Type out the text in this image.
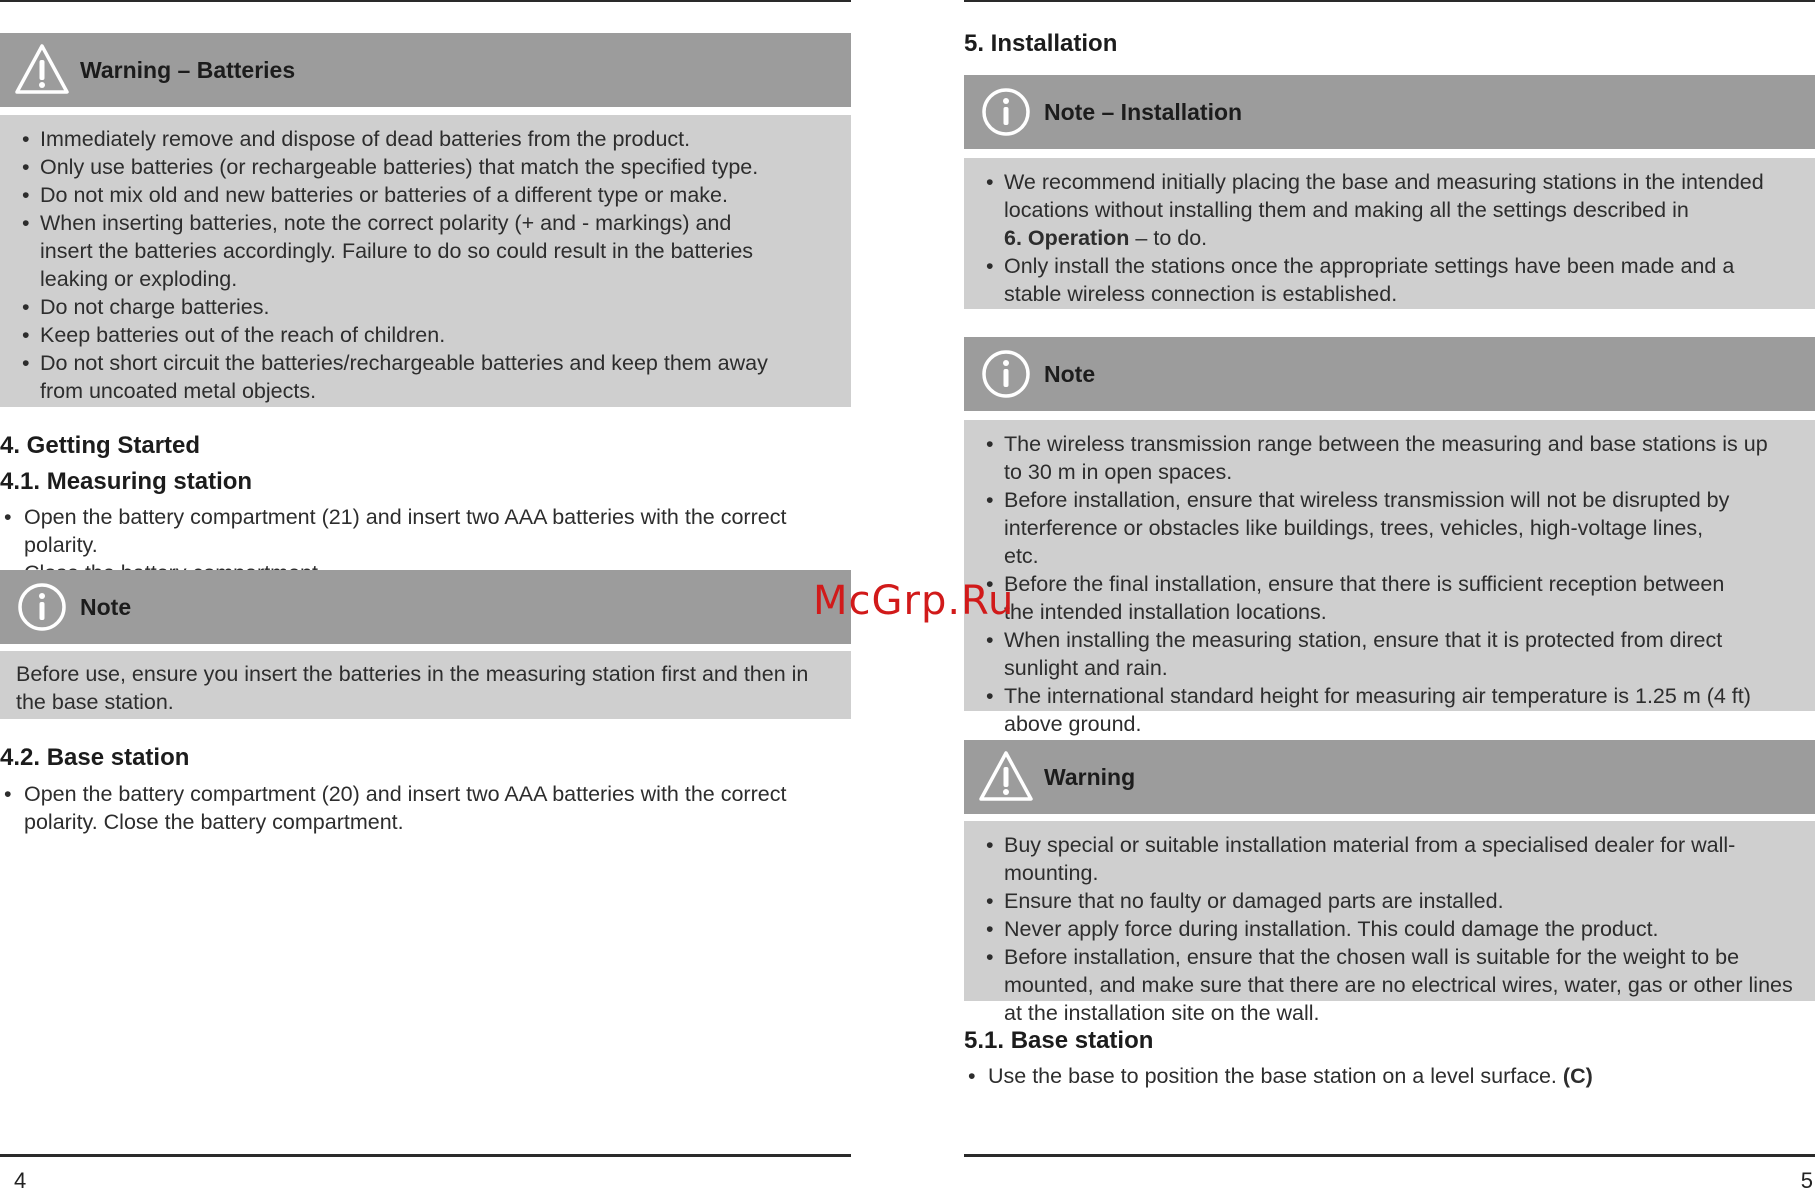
Warning – Batteries
• Immediately remove and dispose of dead batteries from the product.
• Only use batteries (or rechargeable batteries) that match the specified type.
• Do not mix old and new batteries or batteries of a different type or make.
• When inserting batteries, note the correct polarity (+ and - markings) and insert the batteries accordingly. Failure to do so could result in the batteries leaking or exploding.
• Do not charge batteries.
• Keep batteries out of the reach of children.
• Do not short circuit the batteries/rechargeable batteries and keep them away from uncoated metal objects.
4. Getting Started
4.1. Measuring station
• Open the battery compartment (21) and insert two AAA batteries with the correct polarity.
•
Note

Before use, ensure you insert the batteries in the measuring station first and then in the base station.

4.2. Base station
• Open the battery compartment (20) and insert two AAA batteries with the correct polarity. Close the battery compartment.
4
5. Installation
Note – Installation
• We recommend initially placing the base and measuring stations in the intended locations without installing them and making all the settings described in
6. Operation – to do.
• Only install the stations once the appropriate settings have been made and a stable wireless connection is established.
Note
• The wireless transmission range between the measuring and base stations is up to 30 m in open spaces.
• Before installation, ensure that wireless transmission will not be disrupted by interference or obstacles like buildings, trees, vehicles, high-voltage lines, etc.
• Before the final installation, ensure that there is sufficient reception between the intended installation locations.
• When installing the measuring station, ensure that it is protected from direct sunlight and rain.
• The international standard height for measuring air temperature is 1.25 m (4 ft) above ground.
Warning
• Buy special or suitable installation material from a specialised dealer for wall-mounting.
• Ensure that no faulty or damaged parts are installed.
• Never apply force during installation. This could damage the product.
• Before installation, ensure that the chosen wall is suitable for the weight to be mounted, and make sure that there are no electrical wires, water, gas or other lines at the installation site on the wall.
5.1. Base station
• Use the base to position the base station on a level surface. (C)
5
McGrp.Ru
